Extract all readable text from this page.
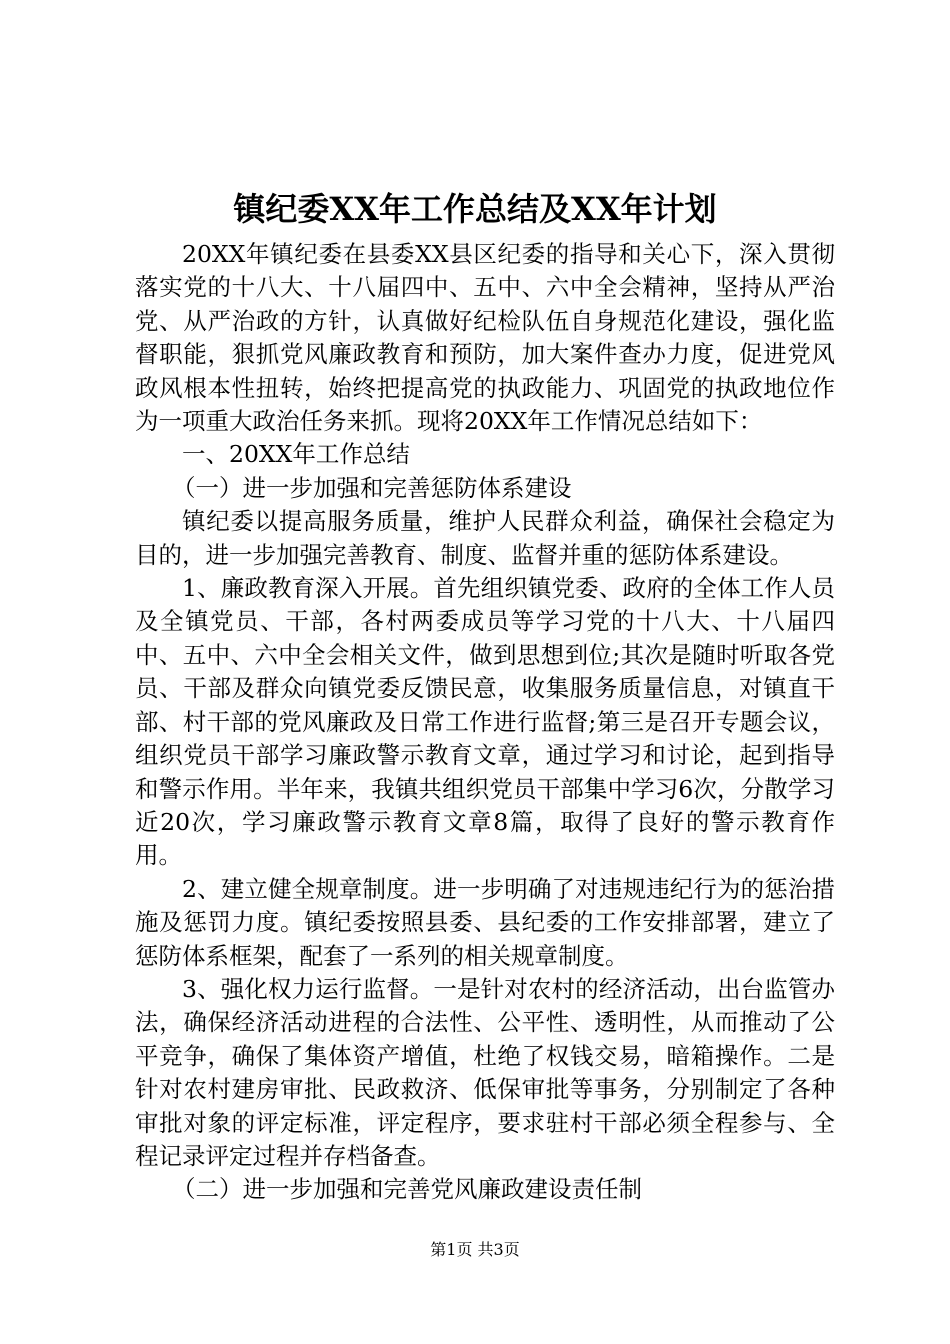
镇纪委XX年工作总结及XX年计划

20XX年镇纪委在县委XX县区纪委的指导和关心下，深入贯彻落实党的十八大、十八届四中、五中、六中全会精神，坚持从严治党、从严治政的方针，认真做好纪检队伍自身规范化建设，强化监督职能，狠抓党风廉政教育和预防，加大案件查办力度，促进党风政风根本性扭转，始终把提高党的执政能力、巩固党的执政地位作为一项重大政治任务来抓。现将20XX年工作情况总结如下：

一、20XX年工作总结

（一）进一步加强和完善惩防体系建设

镇纪委以提高服务质量，维护人民群众利益，确保社会稳定为目的，进一步加强完善教育、制度、监督并重的惩防体系建设。

1、廉政教育深入开展。首先组织镇党委、政府的全体工作人员及全镇党员、干部，各村两委成员等学习党的十八大、十八届四中、五中、六中全会相关文件，做到思想到位;其次是随时听取各党员、干部及群众向镇党委反馈民意，收集服务质量信息，对镇直干部、村干部的党风廉政及日常工作进行监督;第三是召开专题会议，组织党员干部学习廉政警示教育文章，通过学习和讨论，起到指导和警示作用。半年来，我镇共组织党员干部集中学习6次，分散学习近20次，学习廉政警示教育文章8篇，取得了良好的警示教育作用。

2、建立健全规章制度。进一步明确了对违规违纪行为的惩治措施及惩罚力度。镇纪委按照县委、县纪委的工作安排部署，建立了惩防体系框架，配套了一系列的相关规章制度。

3、强化权力运行监督。一是针对农村的经济活动，出台监管办法，确保经济活动进程的合法性、公平性、透明性，从而推动了公平竞争，确保了集体资产增值，杜绝了权钱交易，暗箱操作。二是针对农村建房审批、民政救济、低保审批等事务，分别制定了各种审批对象的评定标准，评定程序，要求驻村干部必须全程参与、全程记录评定过程并存档备查。

（二）进一步加强和完善党风廉政建设责任制

第1页 共3页
